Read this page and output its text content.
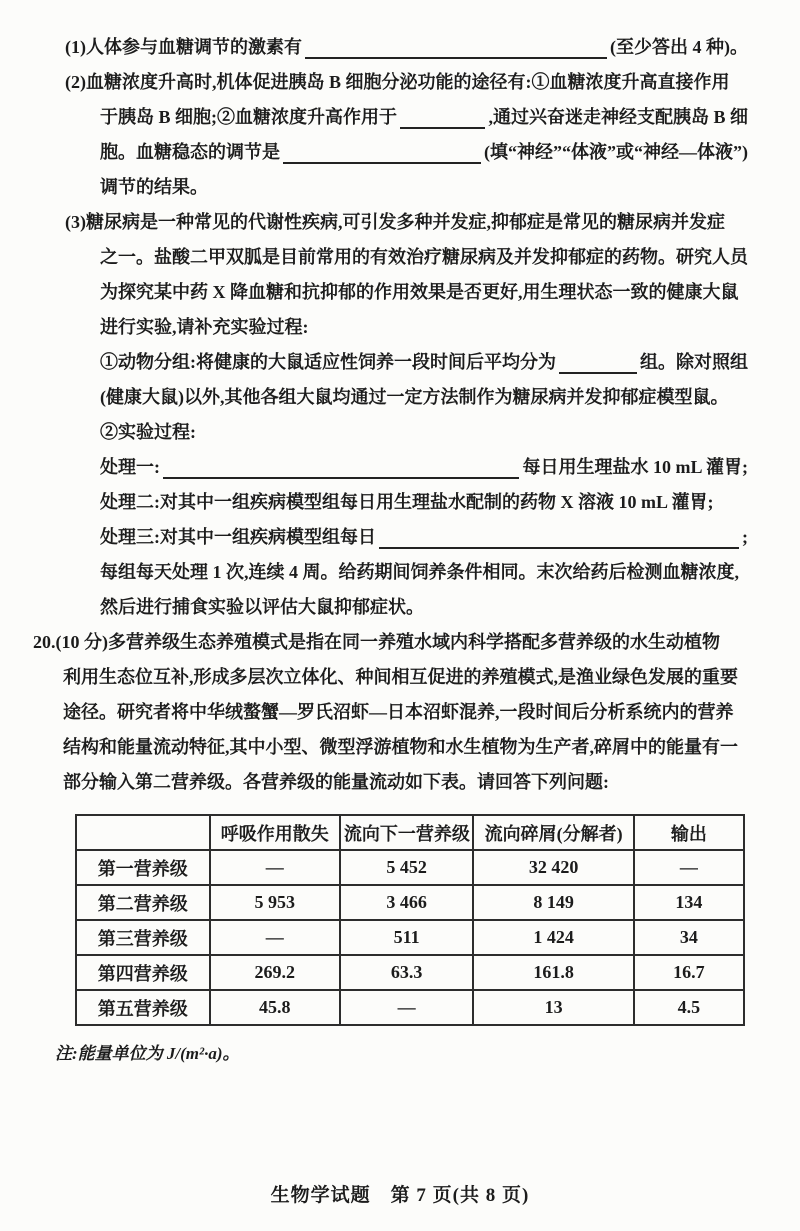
(1)人体参与血糖调节的激素有	(至少答出 4 种)。
(2)血糖浓度升高时,机体促进胰岛 B 细胞分泌功能的途径有:①血糖浓度升高直接作用
于胰岛 B 细胞;②血糖浓度升高作用于	,通过兴奋迷走神经支配胰岛 B 细
胞。血糖稳态的调节是	(填“神经”“体液”或“神经—体液”)
调节的结果。
(3)糖尿病是一种常见的代谢性疾病,可引发多种并发症,抑郁症是常见的糖尿病并发症
之一。盐酸二甲双胍是目前常用的有效治疗糖尿病及并发抑郁症的药物。研究人员
为探究某中药 X 降血糖和抗抑郁的作用效果是否更好,用生理状态一致的健康大鼠
进行实验,请补充实验过程:
①动物分组:将健康的大鼠适应性饲养一段时间后平均分为	组。除对照组
(健康大鼠)以外,其他各组大鼠均通过一定方法制作为糖尿病并发抑郁症模型鼠。
②实验过程:
处理一:	每日用生理盐水 10 mL 灌胃;
处理二:对其中一组疾病模型组每日用生理盐水配制的药物 X 溶液 10 mL 灌胃;
处理三:对其中一组疾病模型组每日	;
每组每天处理 1 次,连续 4 周。给药期间饲养条件相同。末次给药后检测血糖浓度,
然后进行捕食实验以评估大鼠抑郁症状。
20.(10 分)多营养级生态养殖模式是指在同一养殖水域内科学搭配多营养级的水生动植物
利用生态位互补,形成多层次立体化、种间相互促进的养殖模式,是渔业绿色发展的重要
途径。研究者将中华绒螯蟹—罗氏沼虾—日本沼虾混养,一段时间后分析系统内的营养
结构和能量流动特征,其中小型、微型浮游植物和水生植物为生产者,碎屑中的能量有一
部分输入第二营养级。各营养级的能量流动如下表。请回答下列问题:
	呼吸作用散失	流向下一营养级	流向碎屑(分解者)	输出
第一营养级	—	5 452	32 420	—
第二营养级	5 953	3 466	8 149	134
第三营养级	—	511	1 424	34
第四营养级	269.2	63.3	161.8	16.7
第五营养级	45.8	—	13	4.5
注:能量单位为 J/(m²·a)。
生物学试题　第 7 页(共 8 页)
